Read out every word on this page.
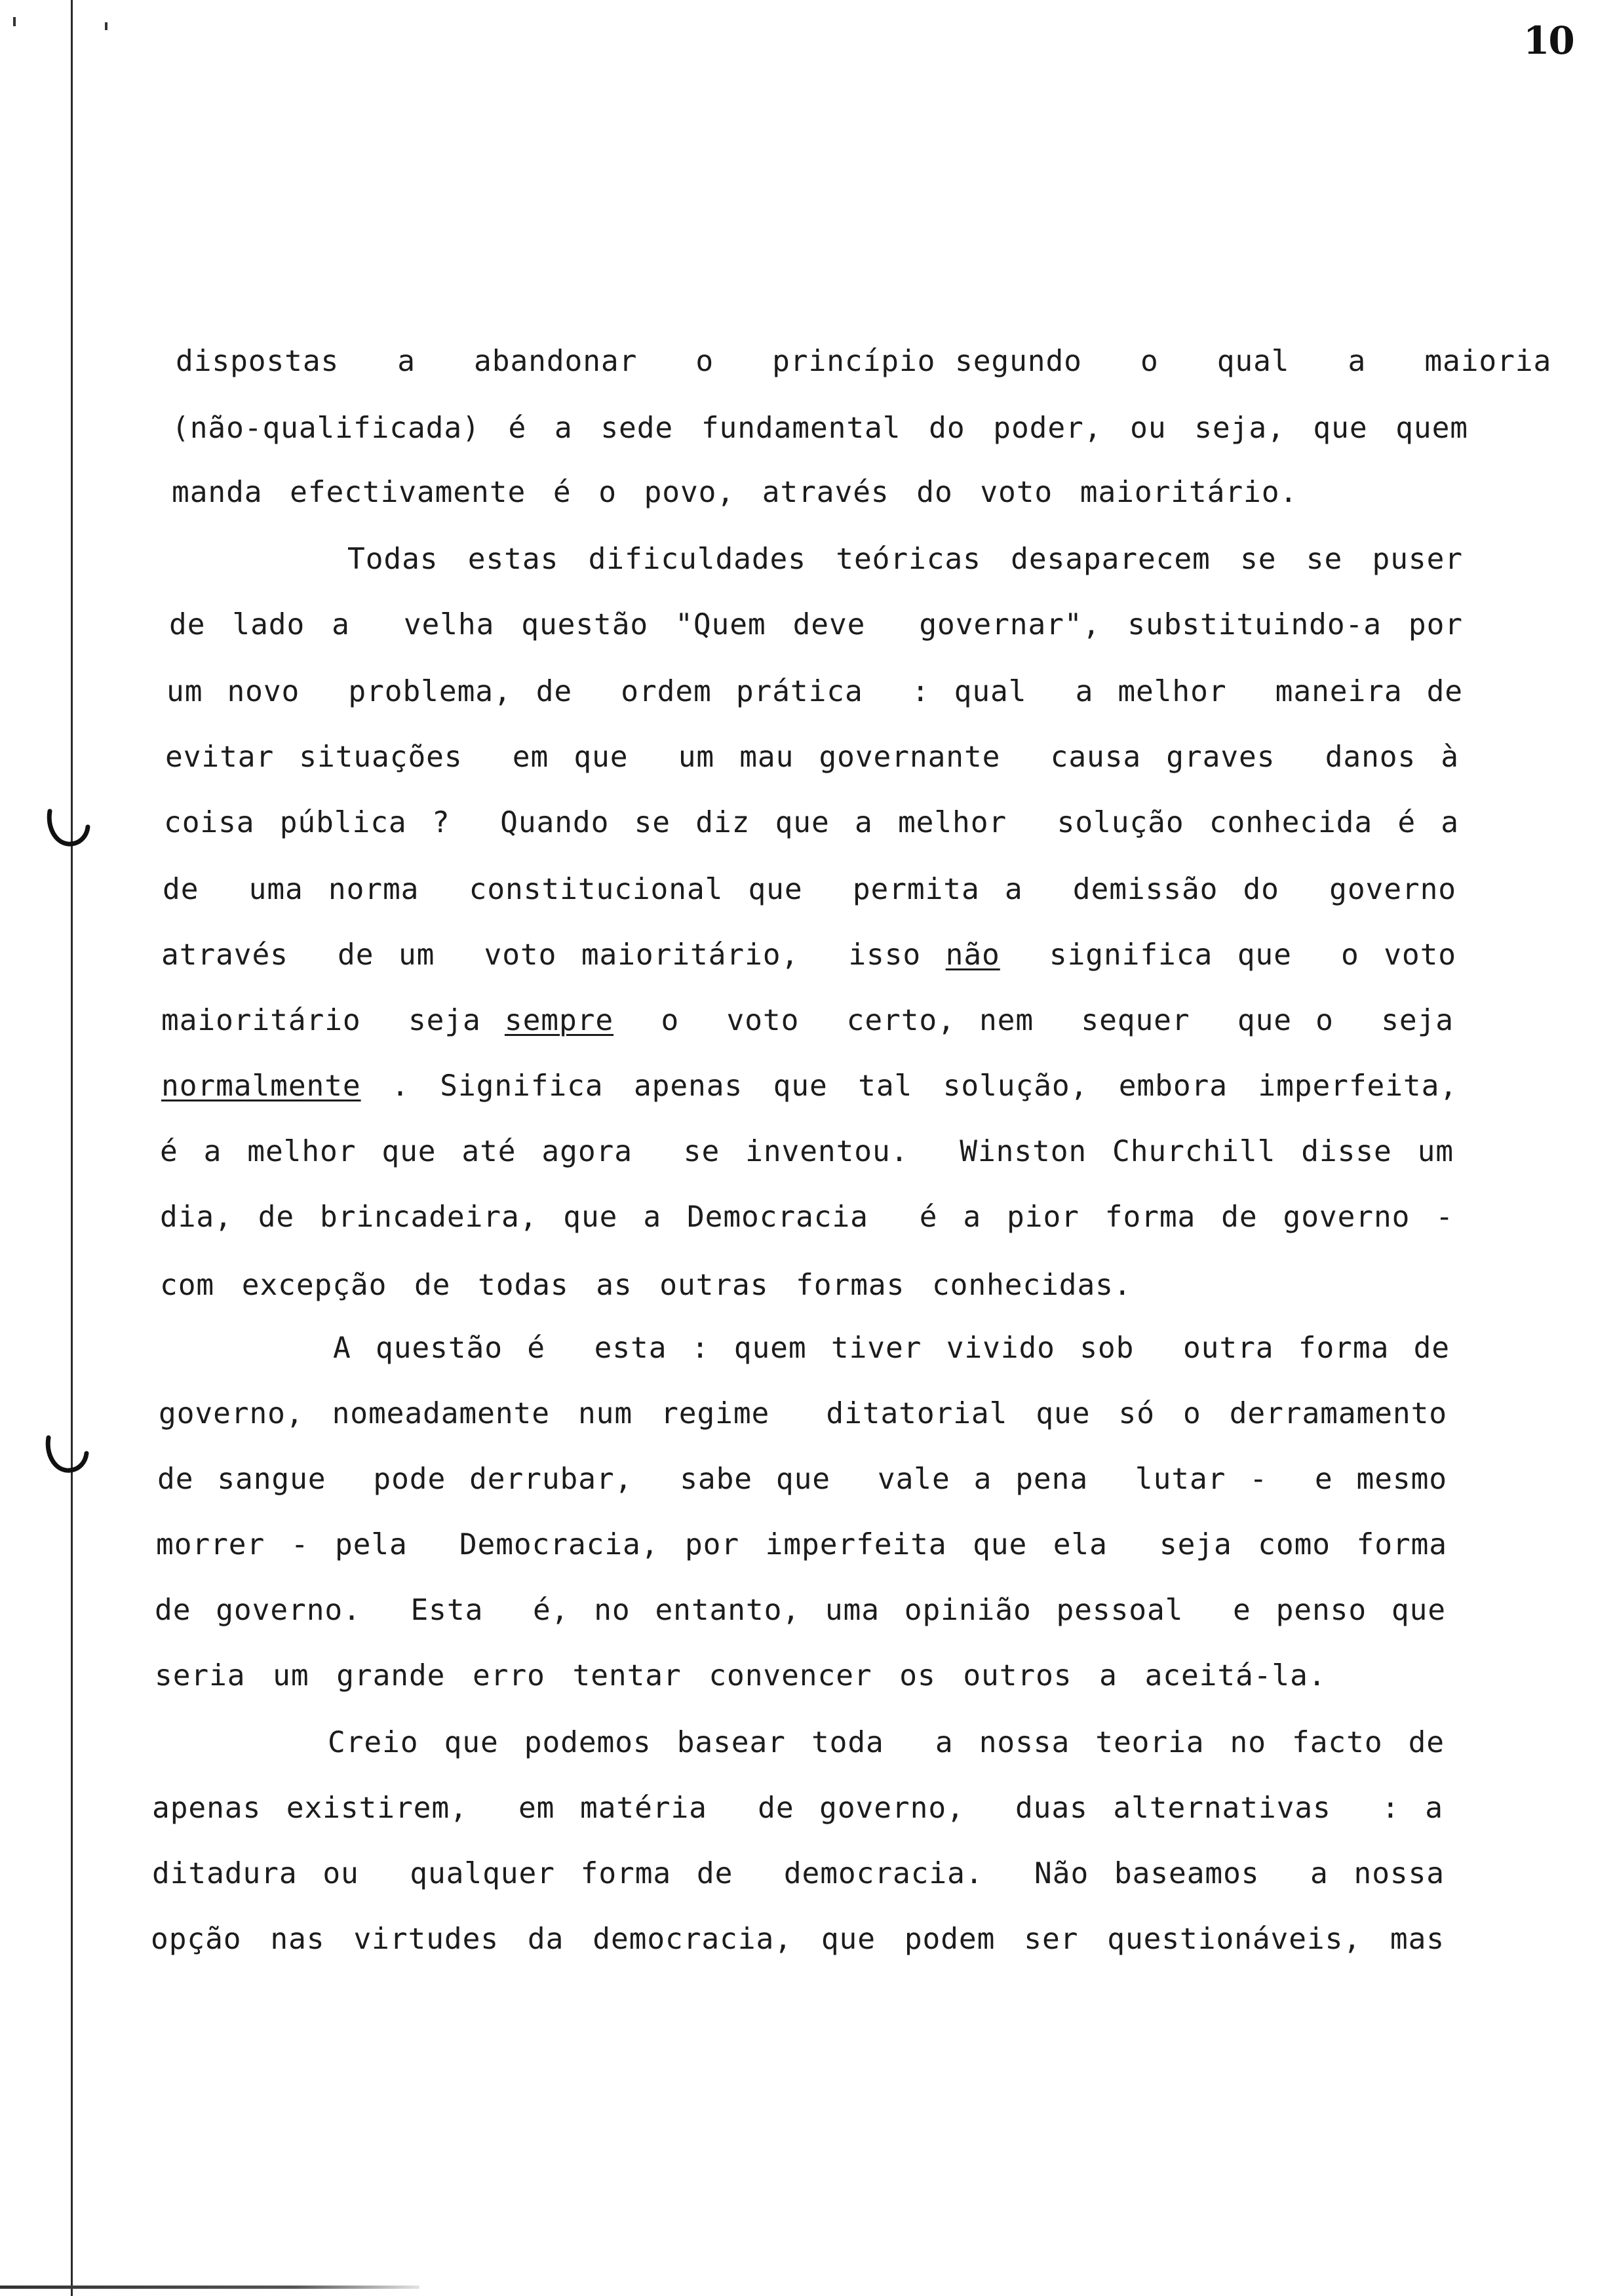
10
dispostas   a   abandonar   o   princípio segundo   o   qual   a   maioria
(não-qualificada) é a sede fundamental do poder, ou seja, que quem
manda efectivamente é o povo, através do voto maioritário.
Todas estas dificuldades teóricas desaparecem se se puser
de lado a  velha questão "Quem deve  governar", substituindo-a por
um novo  problema, de  ordem prática  : qual  a melhor  maneira de
evitar situações  em que  um mau governante  causa graves  danos à
coisa pública ?  Quando se diz que a melhor  solução conhecida é a
de  uma norma  constitucional que  permita a  demissão do  governo
através  de um  voto maioritário,  isso não  significa que  o voto
maioritário  seja sempre  o  voto  certo, nem  sequer  que o  seja
normalmente . Significa apenas que tal solução, embora imperfeita,
é a melhor que até agora  se inventou.  Winston Churchill disse um
dia, de brincadeira, que a Democracia  é a pior forma de governo -
com excepção de todas as outras formas conhecidas.
A questão é  esta : quem tiver vivido sob  outra forma de
governo, nomeadamente num regime  ditatorial que só o derramamento
de sangue  pode derrubar,  sabe que  vale a pena  lutar -  e mesmo
morrer - pela  Democracia, por imperfeita que ela  seja como forma
de governo.  Esta  é, no entanto, uma opinião pessoal  e penso que
seria um grande erro tentar convencer os outros a aceitá-la.
Creio que podemos basear toda  a nossa teoria no facto de
apenas existirem,  em matéria  de governo,  duas alternativas  : a
ditadura ou  qualquer forma de  democracia.  Não baseamos  a nossa
opção nas virtudes da democracia, que podem ser questionáveis, mas
